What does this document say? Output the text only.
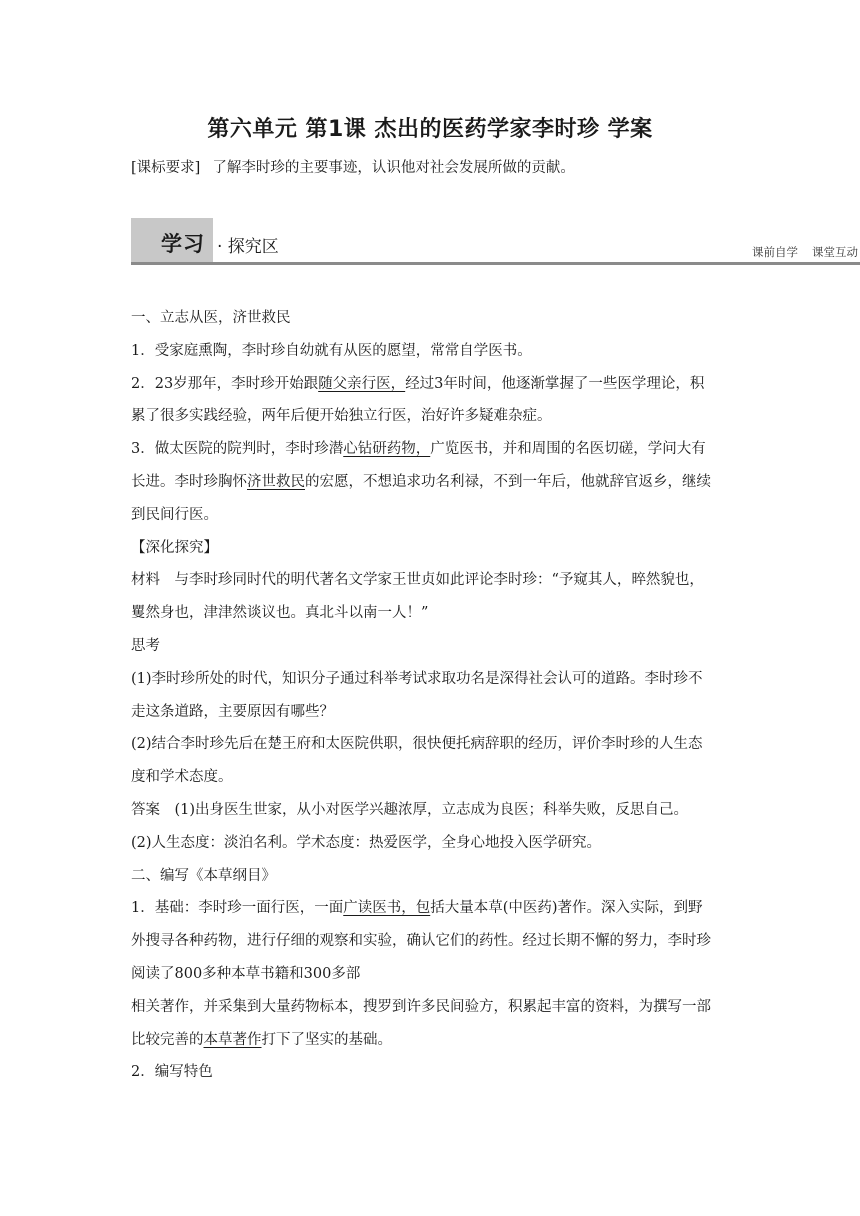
第六单元 第1课 杰出的医药学家李时珍 学案
[课标要求] 了解李时珍的主要事迹，认识他对社会发展所做的贡献。
学习 · 探究区	课前自学 课堂互动

一、立志从医，济世救民

1．受家庭熏陶，李时珍自幼就有从医的愿望，常常自学医书。

2．23岁那年，李时珍开始跟随父亲行医，经过3年时间，他逐渐掌握了一些医学理论，积

累了很多实践经验，两年后便开始独立行医，治好许多疑难杂症。

3．做太医院的院判时，李时珍潜心钻研药物，广览医书，并和周围的名医切磋，学问大有

长进。李时珍胸怀济世救民的宏愿，不想追求功名利禄，不到一年后，他就辞官返乡，继续

到民间行医。

【深化探究】

材料　与李时珍同时代的明代著名文学家王世贞如此评论李时珍：“予窥其人，晬然貌也，

矍然身也，津津然谈议也。真北斗以南一人！”

思考

(1)李时珍所处的时代，知识分子通过科举考试求取功名是深得社会认可的道路。李时珍不

走这条道路，主要原因有哪些？

(2)结合李时珍先后在楚王府和太医院供职，很快便托病辞职的经历，评价李时珍的人生态

度和学术态度。

答案　(1)出身医生世家，从小对医学兴趣浓厚，立志成为良医；科举失败，反思自己。

(2)人生态度：淡泊名利。学术态度：热爱医学，全身心地投入医学研究。

二、编写《本草纲目》

1．基础：李时珍一面行医，一面广读医书，包括大量本草(中医药)著作。深入实际，到野

外搜寻各种药物，进行仔细的观察和实验，确认它们的药性。经过长期不懈的努力，李时珍

阅读了800多种本草书籍和300多部

相关著作，并采集到大量药物标本，搜罗到许多民间验方，积累起丰富的资料，为撰写一部

比较完善的本草著作打下了坚实的基础。

2．编写特色
